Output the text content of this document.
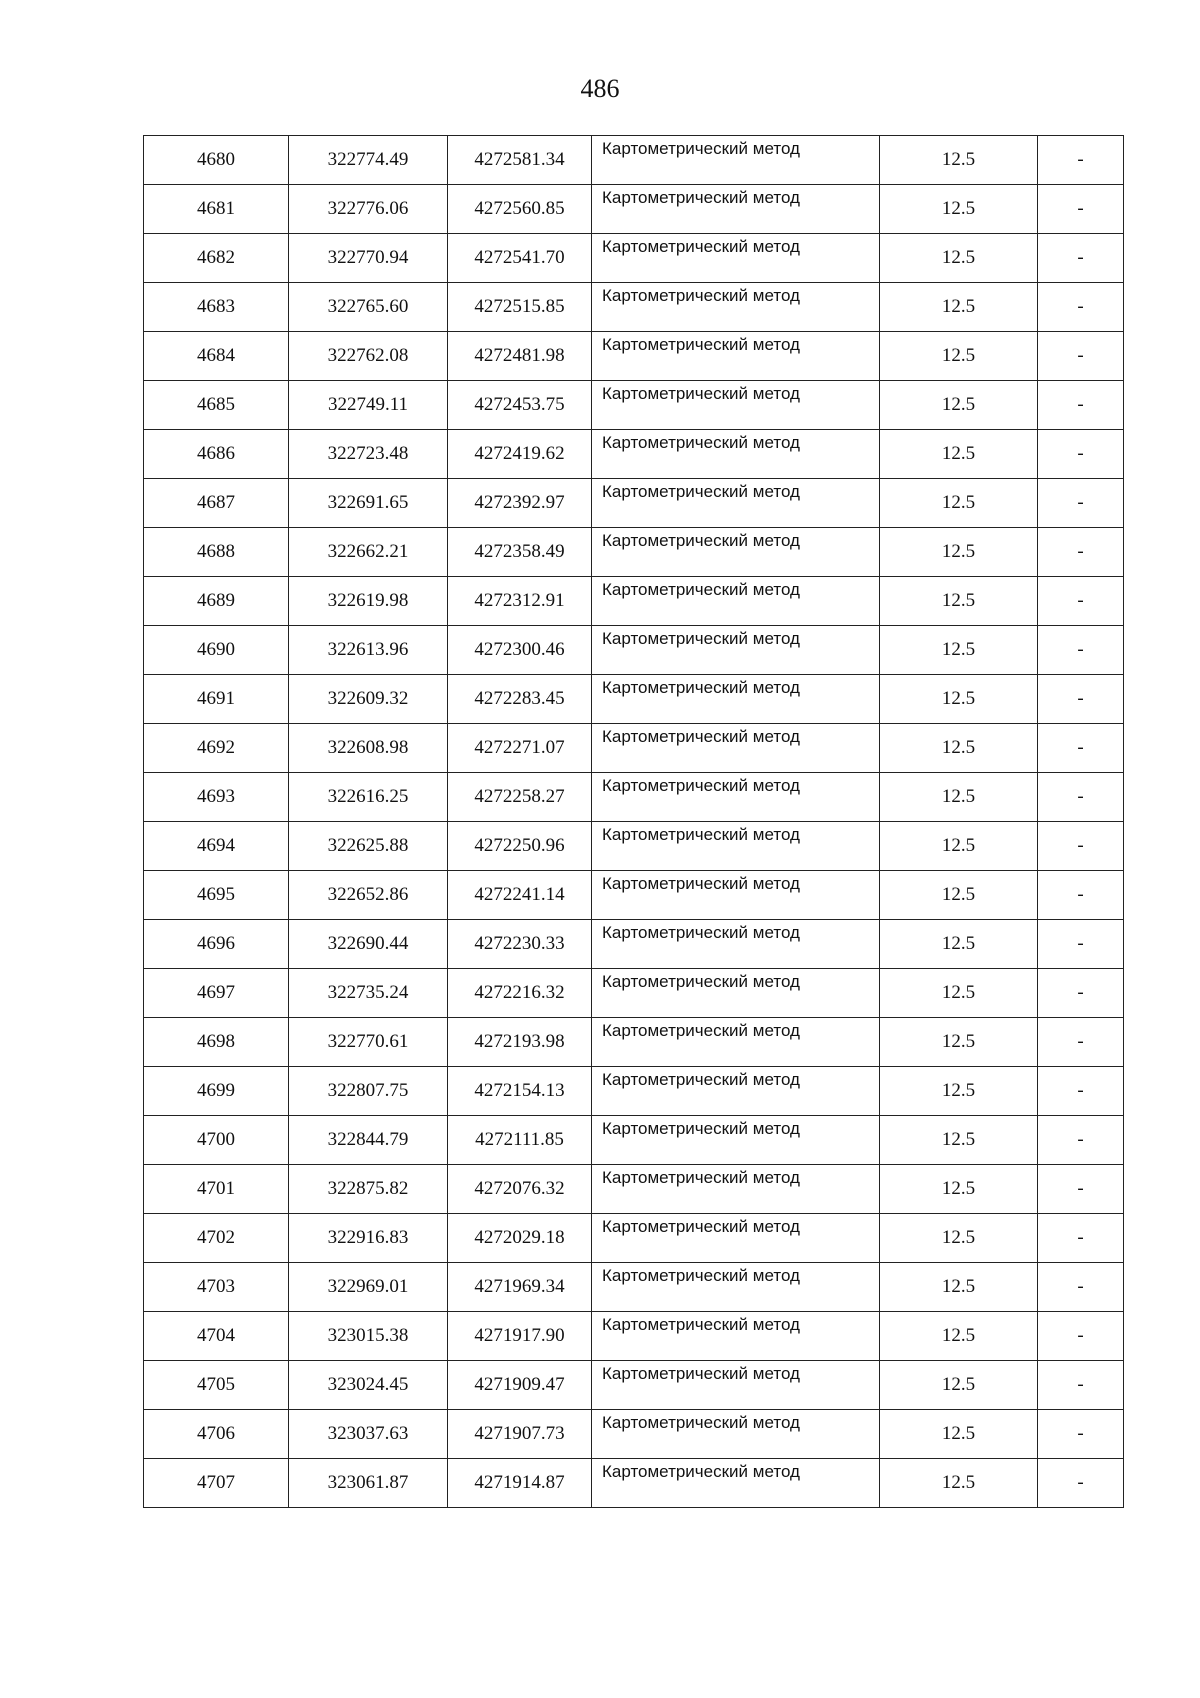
486
4680	322774.49	4272581.34	Картометрический метод	12.5	-
4681	322776.06	4272560.85	Картометрический метод	12.5	-
4682	322770.94	4272541.70	Картометрический метод	12.5	-
4683	322765.60	4272515.85	Картометрический метод	12.5	-
4684	322762.08	4272481.98	Картометрический метод	12.5	-
4685	322749.11	4272453.75	Картометрический метод	12.5	-
4686	322723.48	4272419.62	Картометрический метод	12.5	-
4687	322691.65	4272392.97	Картометрический метод	12.5	-
4688	322662.21	4272358.49	Картометрический метод	12.5	-
4689	322619.98	4272312.91	Картометрический метод	12.5	-
4690	322613.96	4272300.46	Картометрический метод	12.5	-
4691	322609.32	4272283.45	Картометрический метод	12.5	-
4692	322608.98	4272271.07	Картометрический метод	12.5	-
4693	322616.25	4272258.27	Картометрический метод	12.5	-
4694	322625.88	4272250.96	Картометрический метод	12.5	-
4695	322652.86	4272241.14	Картометрический метод	12.5	-
4696	322690.44	4272230.33	Картометрический метод	12.5	-
4697	322735.24	4272216.32	Картометрический метод	12.5	-
4698	322770.61	4272193.98	Картометрический метод	12.5	-
4699	322807.75	4272154.13	Картометрический метод	12.5	-
4700	322844.79	4272111.85	Картометрический метод	12.5	-
4701	322875.82	4272076.32	Картометрический метод	12.5	-
4702	322916.83	4272029.18	Картометрический метод	12.5	-
4703	322969.01	4271969.34	Картометрический метод	12.5	-
4704	323015.38	4271917.90	Картометрический метод	12.5	-
4705	323024.45	4271909.47	Картометрический метод	12.5	-
4706	323037.63	4271907.73	Картометрический метод	12.5	-
4707	323061.87	4271914.87	Картометрический метод	12.5	-
